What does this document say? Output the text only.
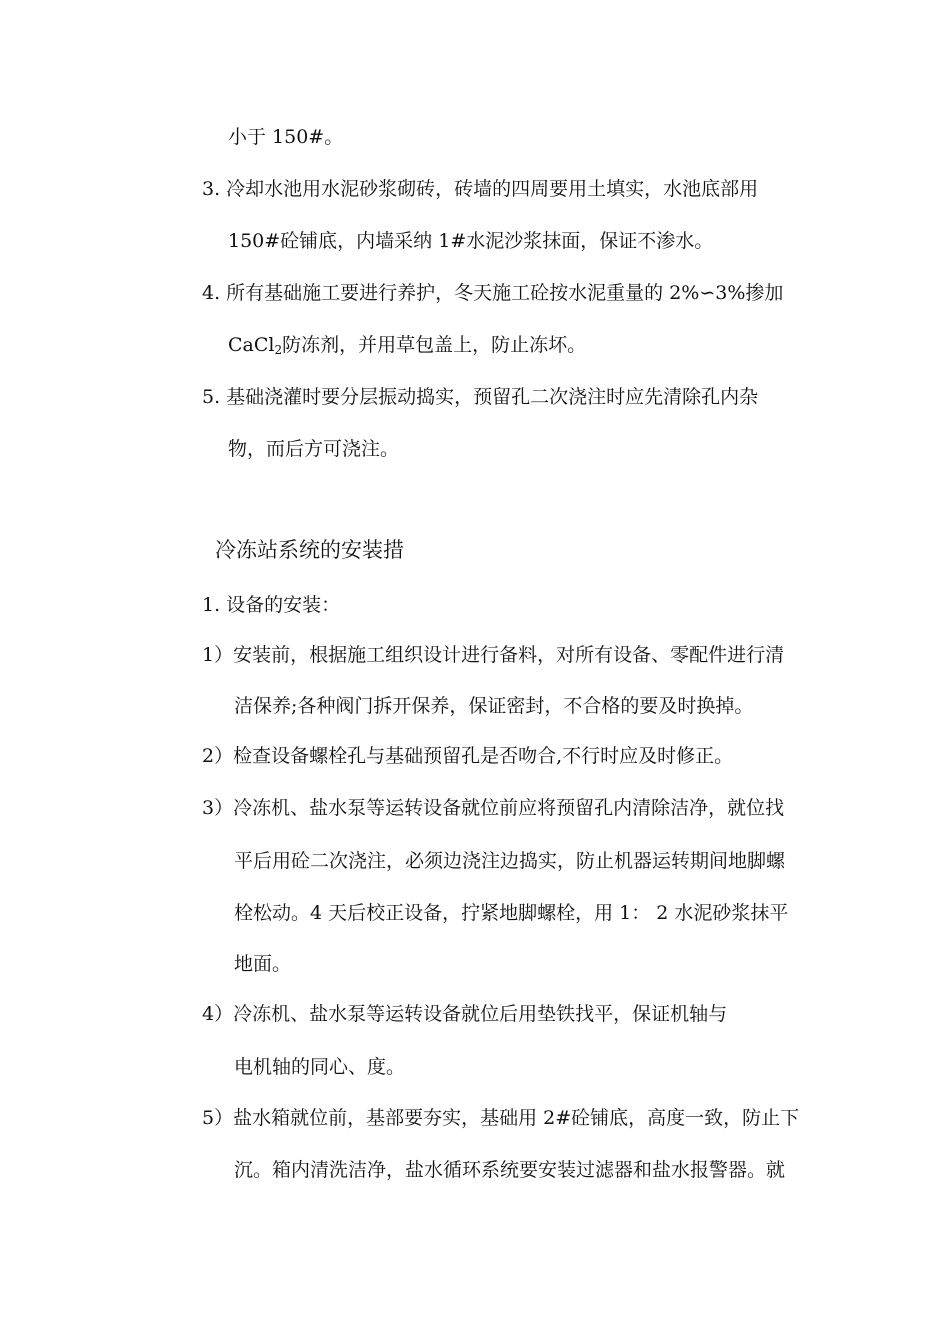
小于 150#。
3. 冷却水池用水泥砂浆砌砖，砖墙的四周要用土填实，水池底部用
150#砼铺底，内墙采纳 1#水泥沙浆抹面，保证不渗水。
4. 所有基础施工要进行养护，冬天施工砼按水泥重量的 2%∽3%掺加
CaCl$_2$防冻剂，并用草包盖上，防止冻坏。
5. 基础浇灌时要分层振动捣实，预留孔二次浇注时应先清除孔内杂
物，而后方可浇注。
冷冻站系统的安装措
1. 设备的安装：
1）安装前，根据施工组织设计进行备料，对所有设备、零配件进行清
洁保养;各种阀门拆开保养，保证密封，不合格的要及时换掉。
2）检查设备螺栓孔与基础预留孔是否吻合,不行时应及时修正。
3）冷冻机、盐水泵等运转设备就位前应将预留孔内清除洁净，就位找
平后用砼二次浇注，必须边浇注边捣实，防止机器运转期间地脚螺
栓松动。4 天后校正设备，拧紧地脚螺栓，用 1： 2 水泥砂浆抹平
地面。
4）冷冻机、盐水泵等运转设备就位后用垫铁找平，保证机轴与
电机轴的同心、度。
5）盐水箱就位前，基部要夯实，基础用 2#砼铺底，高度一致，防止下
沉。箱内清洗洁净，盐水循环系统要安装过滤器和盐水报警器。就
